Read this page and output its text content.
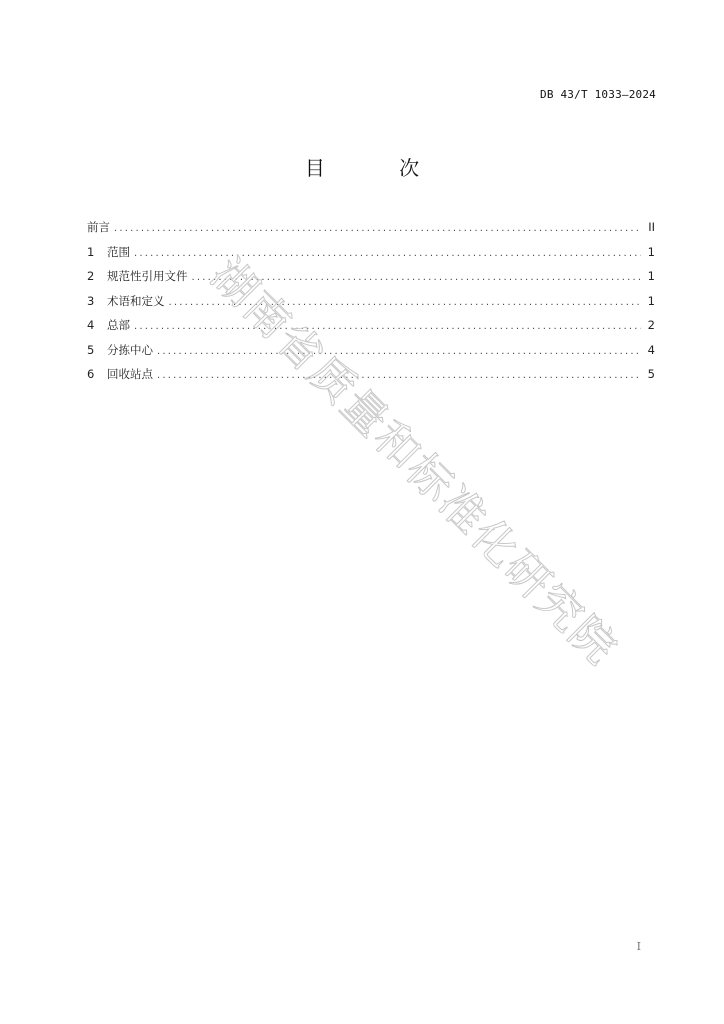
DB 43/T 1033—2024
目 次
前言 .....	II
1	范围 .....	1
2	规范性引用文件 .....	1
3	术语和定义 .....	1
4	总部 .....	2
5	分拣中心 .....	4
6	回收站点 .....	5
湖南省质量和标准化研究院
I
